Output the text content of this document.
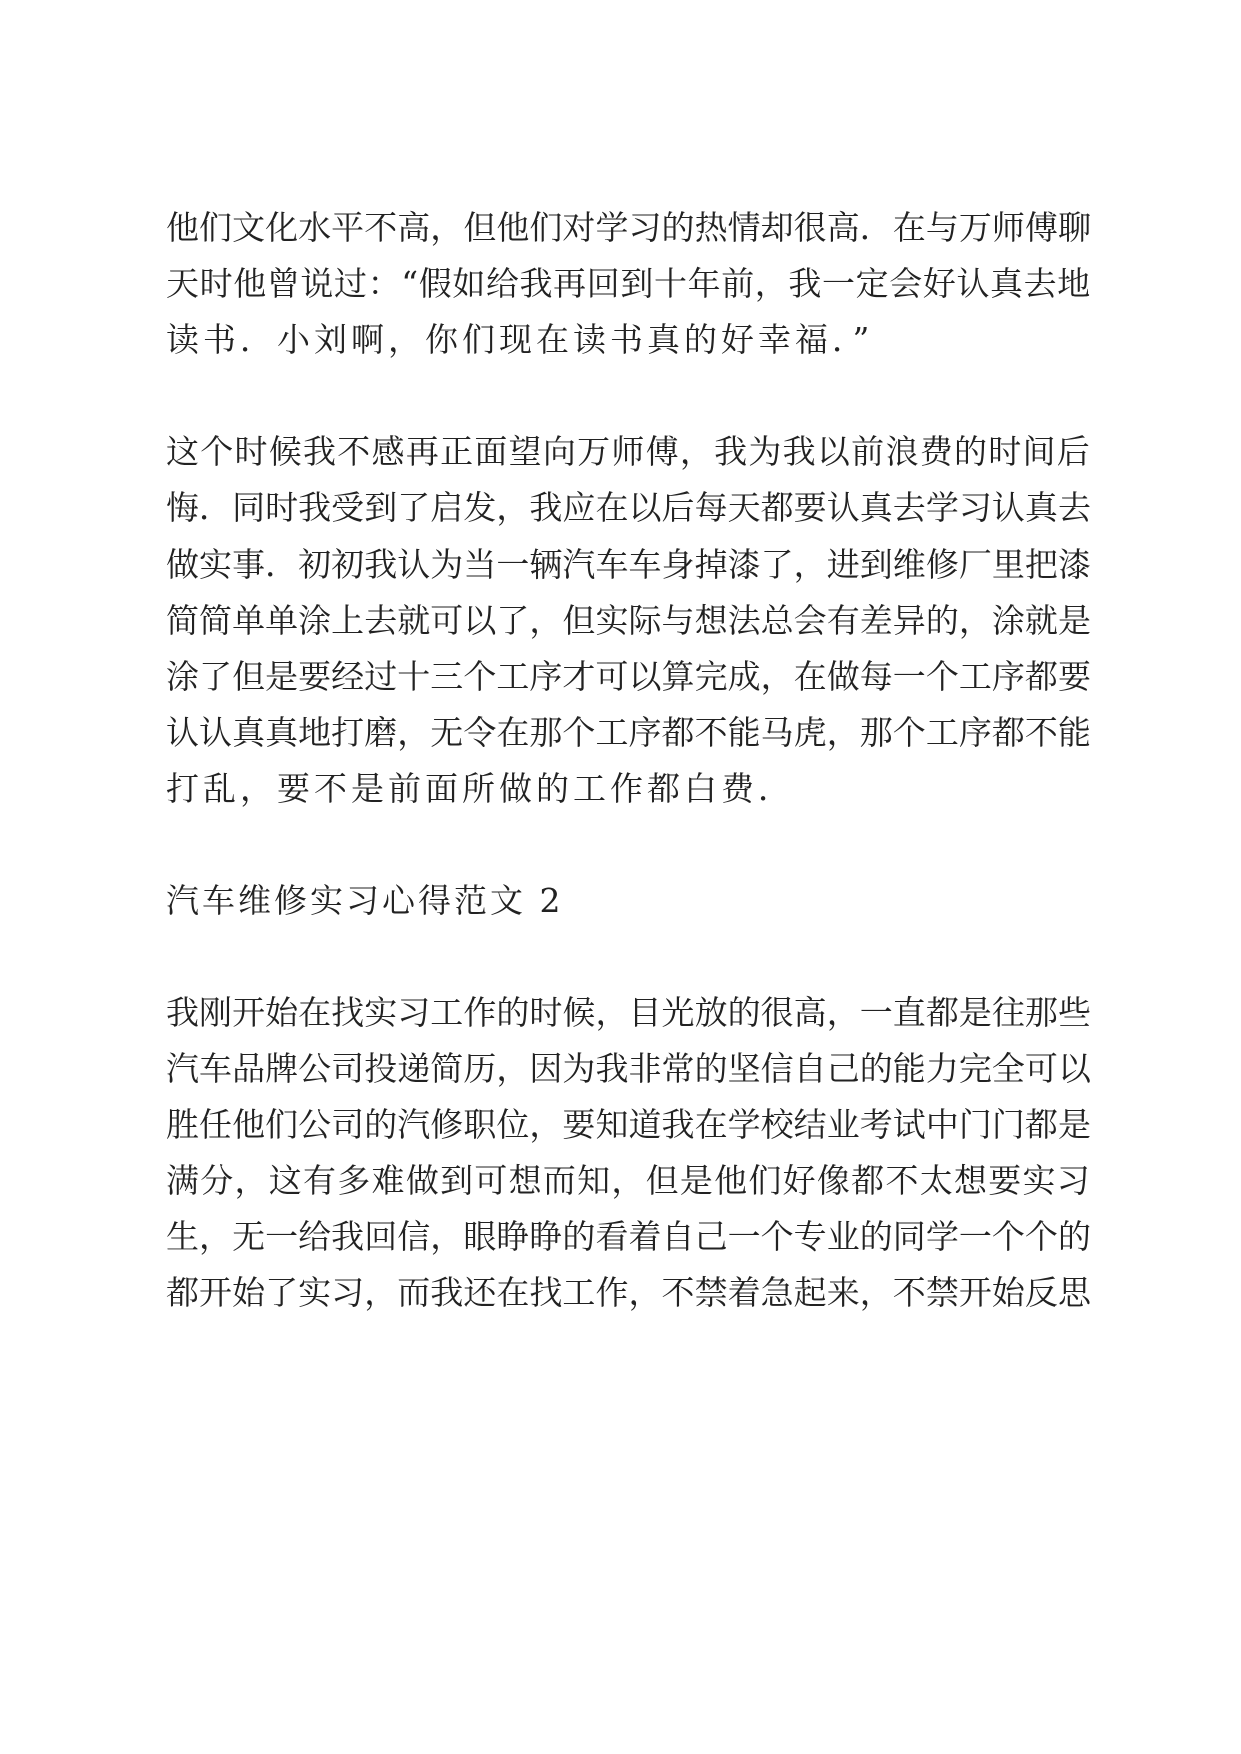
他们文化水平不高，但他们对学习的热情却很高．在与万师傅聊

天时他曾说过：“假如给我再回到十年前，我一定会好认真去地

读书．小刘啊，你们现在读书真的好幸福．”

这个时候我不感再正面望向万师傅，我为我以前浪费的时间后

悔．同时我受到了启发，我应在以后每天都要认真去学习认真去

做实事．初初我认为当一辆汽车车身掉漆了，进到维修厂里把漆

简简单单涂上去就可以了，但实际与想法总会有差异的，涂就是

涂了但是要经过十三个工序才可以算完成，在做每一个工序都要

认认真真地打磨，无令在那个工序都不能马虎，那个工序都不能

打乱，要不是前面所做的工作都白费．

汽车维修实习心得范文 2

我刚开始在找实习工作的时候，目光放的很高，一直都是往那些

汽车品牌公司投递简历，因为我非常的坚信自己的能力完全可以

胜任他们公司的汽修职位，要知道我在学校结业考试中门门都是

满分，这有多难做到可想而知，但是他们好像都不太想要实习

生，无一给我回信，眼睁睁的看着自己一个专业的同学一个个的

都开始了实习，而我还在找工作，不禁着急起来，不禁开始反思
